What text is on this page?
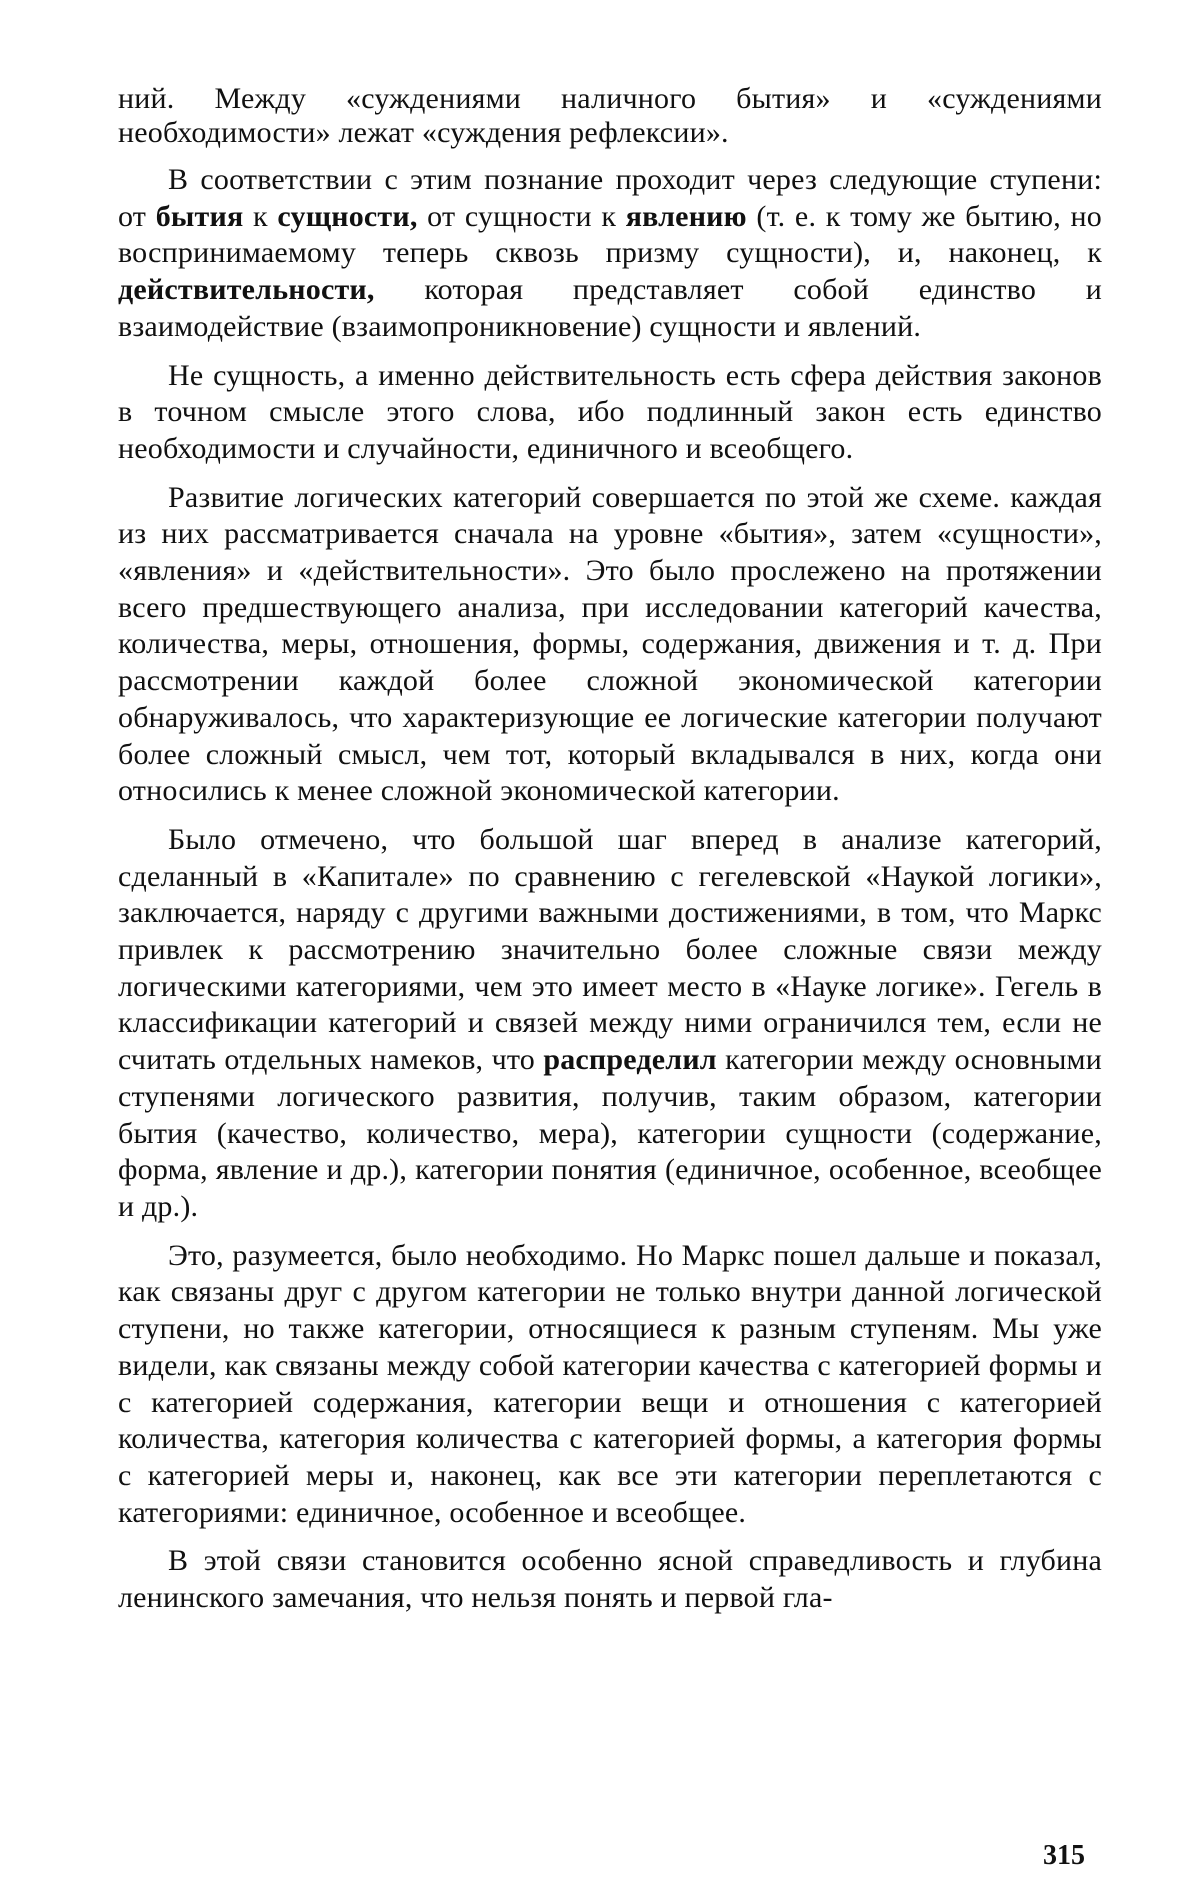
ний. Между «суждениями наличного бытия» и «суждениями необходимости» лежат «суждения рефлексии».

В соответствии с этим познание проходит через следующие ступени: от бытия к сущности, от сущности к явлению (т. е. к тому же бытию, но воспринимаемому теперь сквозь призму сущности), и, наконец, к действительности, которая представляет собой единство и взаимодействие (взаимопроникновение) сущности и явлений.

Не сущность, а именно действительность есть сфера действия законов в точном смысле этого слова, ибо подлинный закон есть единство необходимости и случайности, единичного и всеобщего.

Развитие логических категорий совершается по этой же схеме. каждая из них рассматривается сначала на уровне «бытия», затем «сущности», «явления» и «действительности». Это было прослежено на протяжении всего предшествующего анализа, при исследовании категорий качества, количества, меры, отношения, формы, содержания, движения и т. д. При рассмотрении каждой более сложной экономической категории обнаруживалось, что характеризующие ее логические категории получают более сложный смысл, чем тот, который вкладывался в них, когда они относились к менее сложной экономической категории.

Было отмечено, что большой шаг вперед в анализе категорий, сделанный в «Капитале» по сравнению с гегелевской «Наукой логики», заключается, наряду с другими важными достижениями, в том, что Маркс привлек к рассмотрению значительно более сложные связи между логическими категориями, чем это имеет место в «Науке логике». Гегель в классификации категорий и связей между ними ограничился тем, если не считать отдельных намеков, что распределил категории между основными ступенями логического развития, получив, таким образом, категории бытия (качество, количество, мера), категории сущности (содержание, форма, явление и др.), категории понятия (единичное, особенное, всеобщее и др.).

Это, разумеется, было необходимо. Но Маркс пошел дальше и показал, как связаны друг с другом категории не только внутри данной логической ступени, но также категории, относящиеся к разным ступеням. Мы уже видели, как связаны между собой категории качества с категорией формы и с категорией содержания, категории вещи и отношения с категорией количества, категория количества с категорией формы, а категория формы с категорией меры и, наконец, как все эти категории переплетаются с категориями: единичное, особенное и всеобщее.

В этой связи становится особенно ясной справедливость и глубина ленинского замечания, что нельзя понять и первой гла-

315
